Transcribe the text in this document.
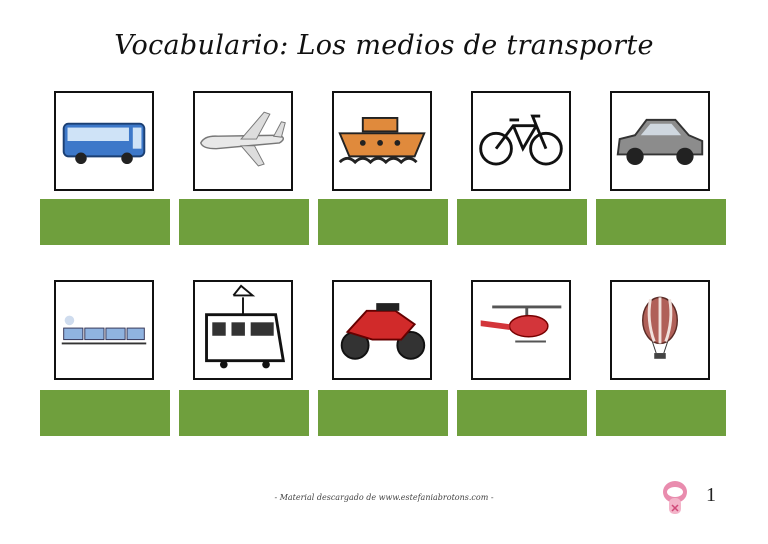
Vocabulario: Los medios de transporte
- Material descargado de www.estefaniabrotons.com -	1
